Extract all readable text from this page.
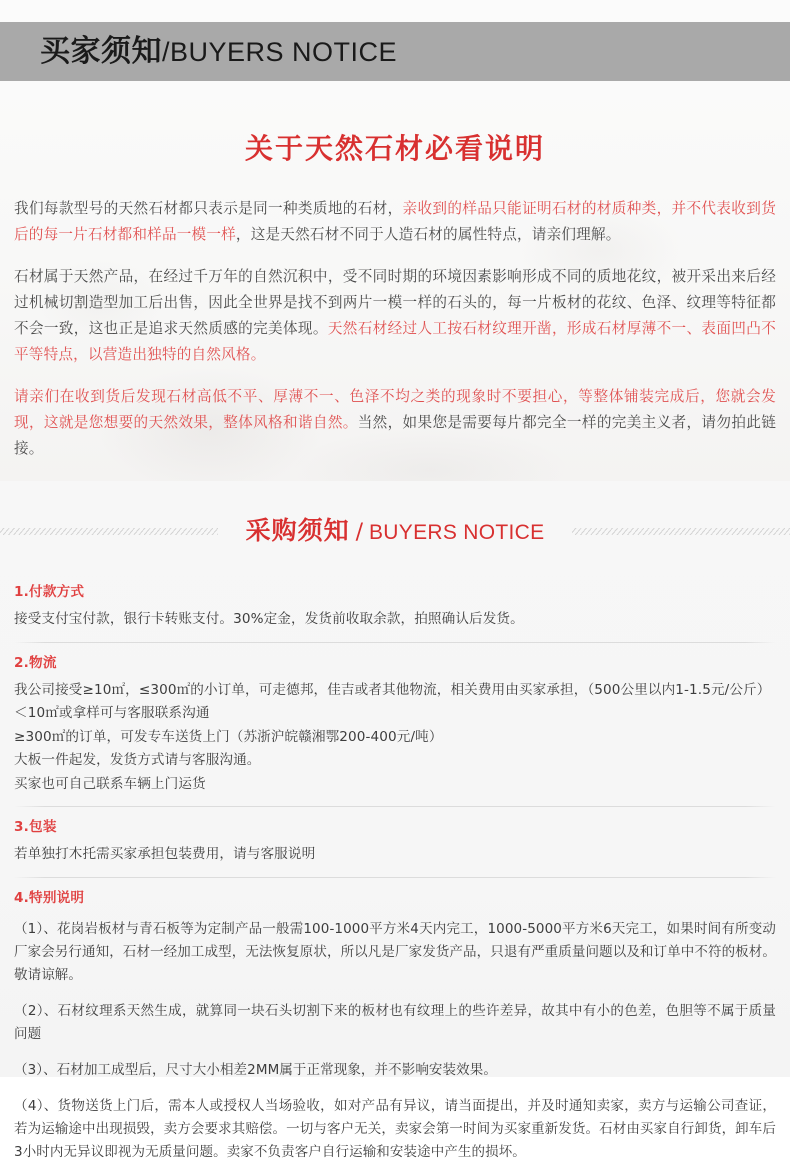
买家须知/BUYERS NOTICE
关于天然石材必看说明

我们每款型号的天然石材都只表示是同一种类质地的石材，亲收到的样品只能证明石材的材质种类，并不代表收到货后的每一片石材都和样品一模一样，这是天然石材不同于人造石材的属性特点，请亲们理解。

石材属于天然产品，在经过千万年的自然沉积中，受不同时期的环境因素影响形成不同的质地花纹，被开采出来后经过机械切割造型加工后出售，因此全世界是找不到两片一模一样的石头的，每一片板材的花纹、色泽、纹理等特征都不会一致，这也正是追求天然质感的完美体现。天然石材经过人工按石材纹理开凿，形成石材厚薄不一、表面凹凸不平等特点，以营造出独特的自然风格。

请亲们在收到货后发现石材高低不平、厚薄不一、色泽不均之类的现象时不要担心，等整体铺装完成后，您就会发现，这就是您想要的天然效果，整体风格和谐自然。当然，如果您是需要每片都完全一样的完美主义者，请勿拍此链接。

采购须知 / BUYERS NOTICE
1.付款方式
接受支付宝付款，银行卡转账支付。30%定金，发货前收取余款，拍照确认后发货。
2.物流
我公司接受≥10㎡，≤300㎡的小订单，可走德邦，佳吉或者其他物流，相关费用由买家承担，（500公里以内1-1.5元/公斤）
＜10㎡或拿样可与客服联系沟通
≥300㎡的订单，可发专车送货上门（苏浙沪皖赣湘鄂200-400元/吨）
大板一件起发，发货方式请与客服沟通。
买家也可自己联系车辆上门运货
3.包装
若单独打木托需买家承担包装费用，请与客服说明
4.特别说明
（1）、花岗岩板材与青石板等为定制产品一般需100-1000平方米4天内完工，1000-5000平方米6天完工，如果时间有所变动厂家会另行通知，石材一经加工成型，无法恢复原状，所以凡是厂家发货产品，只退有严重质量问题以及和订单中不符的板材。敬请谅解。
（2）、石材纹理系天然生成，就算同一块石头切割下来的板材也有纹理上的些许差异，故其中有小的色差，色胆等不属于质量问题
（3）、石材加工成型后，尺寸大小相差2MM属于正常现象，并不影响安装效果。
（4）、货物送货上门后，需本人或授权人当场验收，如对产品有异议，请当面提出，并及时通知卖家，卖方与运输公司查证，若为运输途中出现损毁，卖方会要求其赔偿。一切与客户无关，卖家会第一时间为买家重新发货。石材由买家自行卸货，卸车后3小时内无异议即视为无质量问题。卖家不负责客户自行运输和安装途中产生的损坏。
